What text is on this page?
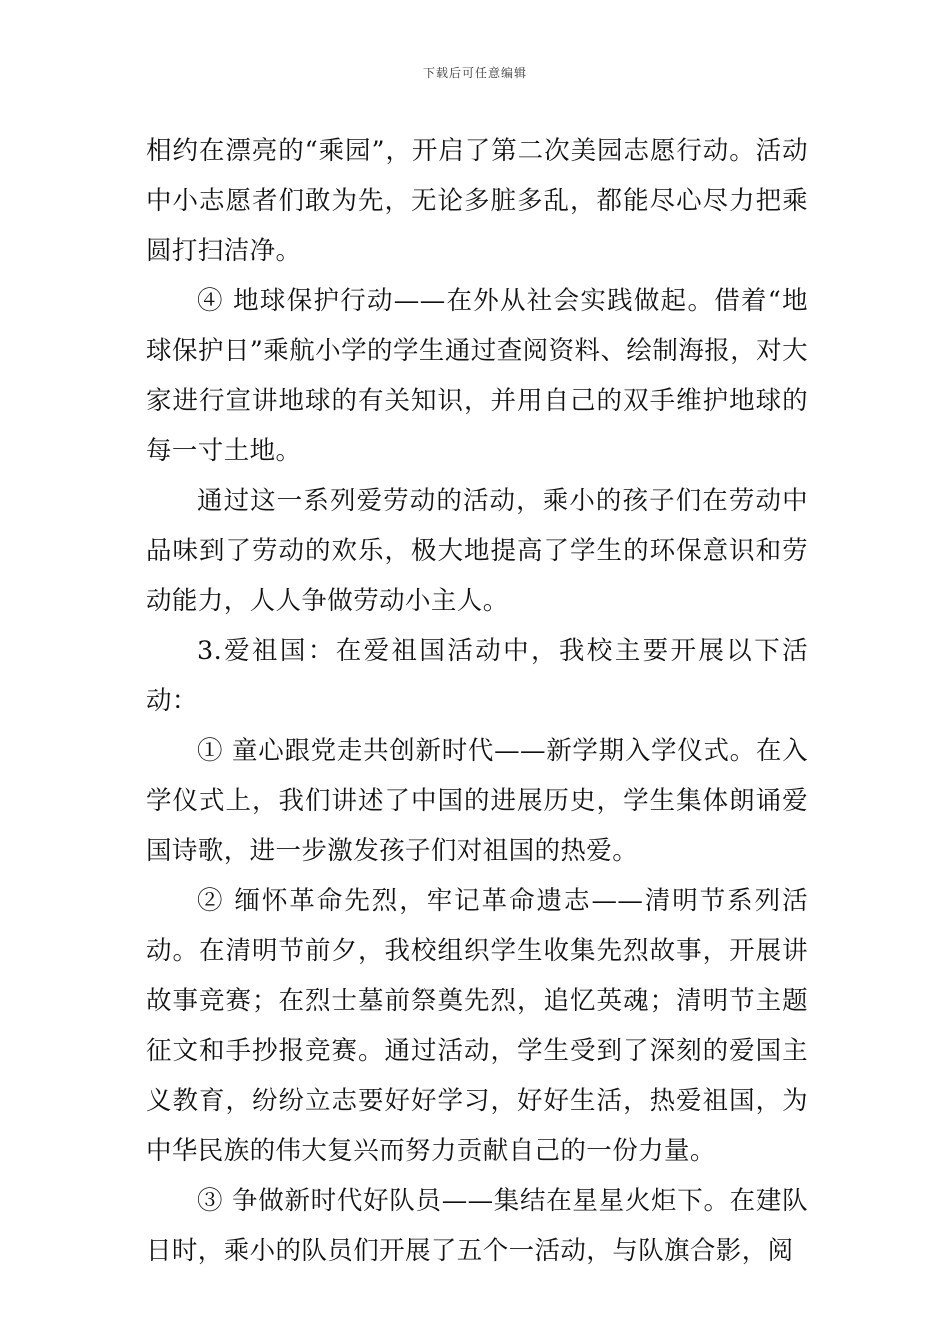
下载后可任意编辑

相约在漂亮的“乘园”，开启了第二次美园志愿行动。活动中小志愿者们敢为先，无论多脏多乱，都能尽心尽力把乘圆打扫洁净。

④ 地球保护行动——在外从社会实践做起。借着“地球保护日”乘航小学的学生通过查阅资料、绘制海报，对大家进行宣讲地球的有关知识，并用自己的双手维护地球的每一寸土地。

通过这一系列爱劳动的活动，乘小的孩子们在劳动中品味到了劳动的欢乐，极大地提高了学生的环保意识和劳动能力，人人争做劳动小主人。

3.爱祖国：在爱祖国活动中，我校主要开展以下活动：

① 童心跟党走共创新时代——新学期入学仪式。在入学仪式上，我们讲述了中国的进展历史，学生集体朗诵爱国诗歌，进一步激发孩子们对祖国的热爱。

② 缅怀革命先烈，牢记革命遗志——清明节系列活动。在清明节前夕，我校组织学生收集先烈故事，开展讲故事竞赛；在烈士墓前祭奠先烈，追忆英魂；清明节主题征文和手抄报竞赛。通过活动，学生受到了深刻的爱国主义教育，纷纷立志要好好学习，好好生活，热爱祖国，为中华民族的伟大复兴而努力贡献自己的一份力量。

③ 争做新时代好队员——集结在星星火炬下。在建队日时，乘小的队员们开展了五个一活动，与队旗合影，阅
